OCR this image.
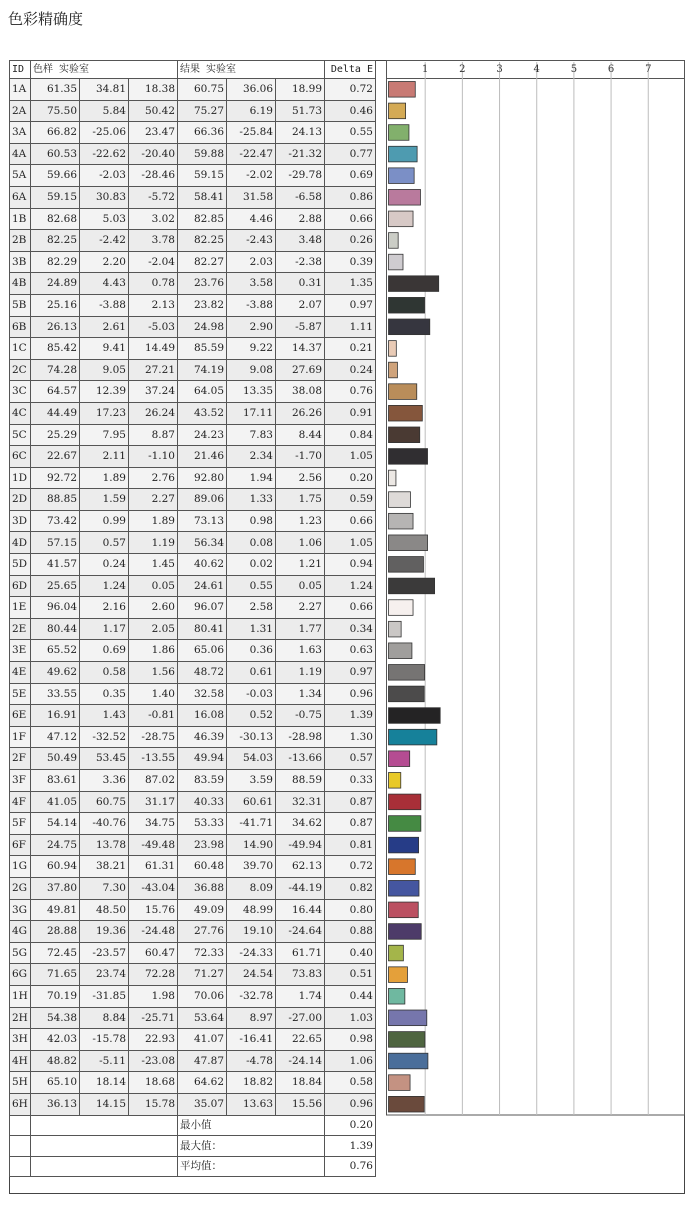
色彩精确度
ID	色样 实验室			结果 实验室			Delta E
1A	61.35	34.81	18.38	60.75	36.06	18.99	0.72
2A	75.50	5.84	50.42	75.27	6.19	51.73	0.46
3A	66.82	-25.06	23.47	66.36	-25.84	24.13	0.55
4A	60.53	-22.62	-20.40	59.88	-22.47	-21.32	0.77
5A	59.66	-2.03	-28.46	59.15	-2.02	-29.78	0.69
6A	59.15	30.83	-5.72	58.41	31.58	-6.58	0.86
1B	82.68	5.03	3.02	82.85	4.46	2.88	0.66
2B	82.25	-2.42	3.78	82.25	-2.43	3.48	0.26
3B	82.29	2.20	-2.04	82.27	2.03	-2.38	0.39
4B	24.89	4.43	0.78	23.76	3.58	0.31	1.35
5B	25.16	-3.88	2.13	23.82	-3.88	2.07	0.97
6B	26.13	2.61	-5.03	24.98	2.90	-5.87	1.11
1C	85.42	9.41	14.49	85.59	9.22	14.37	0.21
2C	74.28	9.05	27.21	74.19	9.08	27.69	0.24
3C	64.57	12.39	37.24	64.05	13.35	38.08	0.76
4C	44.49	17.23	26.24	43.52	17.11	26.26	0.91
5C	25.29	7.95	8.87	24.23	7.83	8.44	0.84
6C	22.67	2.11	-1.10	21.46	2.34	-1.70	1.05
1D	92.72	1.89	2.76	92.80	1.94	2.56	0.20
2D	88.85	1.59	2.27	89.06	1.33	1.75	0.59
3D	73.42	0.99	1.89	73.13	0.98	1.23	0.66
4D	57.15	0.57	1.19	56.34	0.08	1.06	1.05
5D	41.57	0.24	1.45	40.62	0.02	1.21	0.94
6D	25.65	1.24	0.05	24.61	0.55	0.05	1.24
1E	96.04	2.16	2.60	96.07	2.58	2.27	0.66
2E	80.44	1.17	2.05	80.41	1.31	1.77	0.34
3E	65.52	0.69	1.86	65.06	0.36	1.63	0.63
4E	49.62	0.58	1.56	48.72	0.61	1.19	0.97
5E	33.55	0.35	1.40	32.58	-0.03	1.34	0.96
6E	16.91	1.43	-0.81	16.08	0.52	-0.75	1.39
1F	47.12	-32.52	-28.75	46.39	-30.13	-28.98	1.30
2F	50.49	53.45	-13.55	49.94	54.03	-13.66	0.57
3F	83.61	3.36	87.02	83.59	3.59	88.59	0.33
4F	41.05	60.75	31.17	40.33	60.61	32.31	0.87
5F	54.14	-40.76	34.75	53.33	-41.71	34.62	0.87
6F	24.75	13.78	-49.48	23.98	14.90	-49.94	0.81
1G	60.94	38.21	61.31	60.48	39.70	62.13	0.72
2G	37.80	7.30	-43.04	36.88	8.09	-44.19	0.82
3G	49.81	48.50	15.76	49.09	48.99	16.44	0.80
4G	28.88	19.36	-24.48	27.76	19.10	-24.64	0.88
5G	72.45	-23.57	60.47	72.33	-24.33	61.71	0.40
6G	71.65	23.74	72.28	71.27	24.54	73.83	0.51
1H	70.19	-31.85	1.98	70.06	-32.78	1.74	0.44
2H	54.38	8.84	-25.71	53.64	8.97	-27.00	1.03
3H	42.03	-15.78	22.93	41.07	-16.41	22.65	0.98
4H	48.82	-5.11	-23.08	47.87	-4.78	-24.14	1.06
5H	65.10	18.14	18.68	64.62	18.82	18.84	0.58
6H	36.13	14.15	15.78	35.07	13.63	15.56	0.96
				最小值			0.20
				最大值：			1.39
				平均值：			0.76
1	2	3	4	5	6	7
